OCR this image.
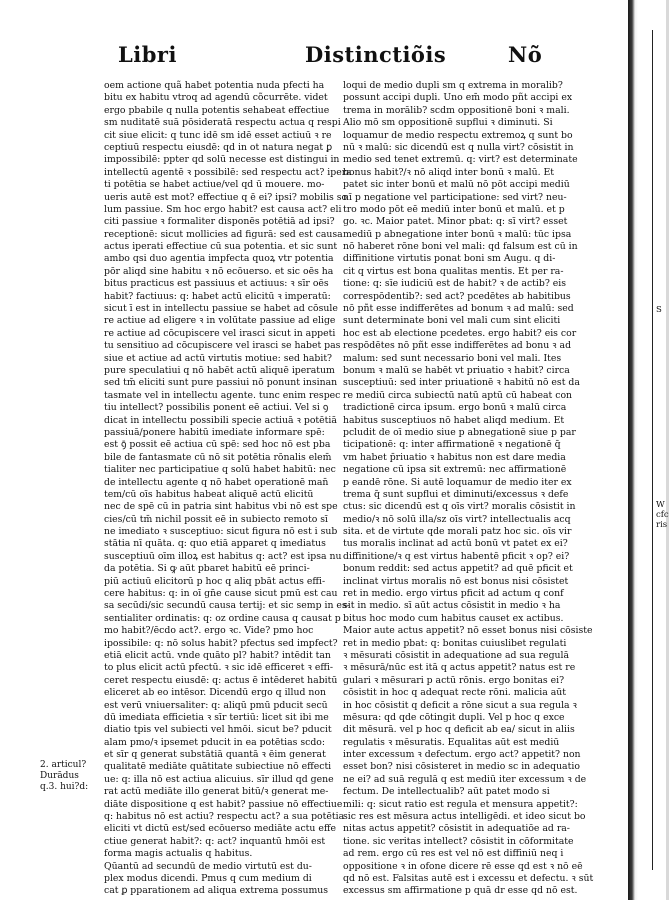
Libri	Distinctiõis	Nõ
oem actione quã habet potentia nuda pfecti ha
bitu ex habitu vtroq ad agendū cõcurrēte. videt
ergo pbabile q nulla potentis sehabeat effectiue
sm nuditatē suā pōsideratā respectu actua q respi
cit siue elicit: q tunc idē sm idē esset actiuū ꝛ re
ceptiuū respectu eiusdē: qd in ot natura negat ꝑ
impossibilē: ppter qd solū necesse est distingui in
intellectū agentē ꝛ possibilē: sed respectu act? ipera
ti potētia se habet actiue/vel qd ū mouere. mo-
ueris autē est mot? effectiue q ē ei? ipsi? mobilis so
lum passiue. Sm hoc ergo habit? est causa act? eli
citi passiue ꝛ formaliter disponēs potētiā ad ipsi?
receptionē: sicut mollicies ad figurā: sed est causa
actus iperati effectiue cū sua potentia. et sic sunt
ambo qsi duo agentia impfecta quoꝝ vtr potentia
pōr aliqd sine habitu ꝛ nō ecōuerso. et sic oēs ha
bitus practicus est passiuus et actiuus: ꝛ sīr oēs
habit? factiuus: q: habet actū elicitū ꝛ imperatū:
sicut ī est in intellectu passiue se habet ad cōsule
re actiue ad eligere ꝛ in volūtate passiue ad elige
re actiue ad cōcupiscere vel irasci sicut in appeti
tu sensitiuo ad cōcupiscere vel irasci se habet pas
siue et actiue ad actū virtutis motiue: sed habit?
pure speculatiui q nō habēt actū aliquē iperatum
sed tm̄ eliciti sunt pure passiui nō ponunt insinan
tasmate vel in intellectu agente. tunc enim respec
tiu intellect? possibilis ponent eē actiui. Vel si ꝯ
dicat in intellectu possibili specie actiuā ꝛ potētiā
passiuā/ponere habitū imediate informare spē:
est ꝯ̄ possit eē actiua cū spē: sed hoc nō est pba
bile de fantasmate cū nō sit potētia rōnalis elem̄
tialiter nec participatiue q solū habet habitū: nec
de intellectu agente q nō habet operationē man̄
tem/cū oīs habitus habeat aliquē actū elicitū
nec de spē cū in patria sint habitus vbi nō est spe
cies/cū tm̄ nichil possit eē in subiecto remoto sī
ne imediato ꝛ susceptiuo: sicut figura nō est i sub
stātia nī quāta. q: quo etiā apparet q imediatus
susceptiuū oīm illoꝝ est habitus q: act? est ipsa nu
da potētia. Si ꝙ aūt pbaret habitū eē princi-
piū actiuū elicitorū p hoc q aliq pbāt actus effi-
cere habitus: q: in oī gn̄e cause sicut pmū est cau
sa secūdi/sic secundū causa tertij: et sic semp in es-
sentialiter ordinatis: q: oz ordine causa q causat p
mo habit?/ēcdo act?. ergo ꝛc. Vide? pmo hoc
ipossibile: q: nō solus habit? pfectus sed impfect?
etiā elicit actū. vnde quāto pl? habit? intēdit tan
to plus elicit actū pfectū. ꝛ sic idē efficeret ꝛ effi-
ceret respectu eiusdē: q: actus ē intēderet habitū
eliceret ab eo intēsor. Dicendū ergo q illud non
est verū vniuersaliter: q: aliqū pmū pducit secū
dū imediata efficietia ꝛ sīr tertiū: licet sit ibi me
diatio tpis vel subiecti vel hmōi. sicut be? pducit
alam pmo/ꝛ ipsemet pducit in ea potētias scdo:
et sīr q generat substātiā quantā ꝛ ēim generat
qualitatē mediāte quātitate subiectiue nō effecti
ue: q: illa nō est actiua alicuius. sīr illud qd gene
rat actū mediāte illo generat bitū/ꝛ generat me-
diāte dispositione q est habit? passiue nō effectiue
q: habitus nō est actiu? respectu act? a sua potētia
eliciti vt dictū est/sed ecōuerso mediāte actu effe
ctiue generat habit?: q: act? inquantū hmōi est
forma magis actualis q habitus.
Qūantū ad secundū de medio virtutū est du-
plex modus dicendi. Pmus q cum medium di
cat ꝑ pparationem ad aliqua extrema possumus
loqui de medio dupli sm q extrema in moralib?
possunt accipi dupli. Uno em̄ modo pñt accipi ex
trema in morālib? scdm oppositionē boni ꝛ mali.
Alio mō sm oppositionē supflui ꝛ diminuti. Si
loquamur de medio respectu extremoꝝ q sunt bo
nū ꝛ malū: sic dicendū est q nulla virt? cōsistit in
medio sed tenet extremū. q: virt? est determinate
bonus habit?/ꝛ nō aliqd inter bonū ꝛ malū. Et
patet sic inter bonū et malū nō pōt accipi mediū
nī p negatione vel participatione: sed virt? neu-
tro modo pōt eē mediū inter bonū et malū. et p
go. ꝛc. Maior patet. Minor pbat: q: sī virt? esset
mediū p abnegatione inter bonū ꝛ malū: tūc ipsa
nō haberet rōne boni vel mali: qd falsum est cū in
diffinitione virtutis ponat boni sm Augu. q di-
cit q virtus est bona qualitas mentis. Et per ra-
tione: q: sīe iudiciū est de habit? ꝛ de actib? eis
correspōdentib?: sed act? pcedētes ab habitibus
nō pñt esse indifferētes ad bonum ꝛ ad malū: sed
sunt determinate boni vel mali cum sint eliciti
hoc est ab electione pcedetes. ergo habit? eis cor
respōdētes nō pñt esse indifferētes ad bonu ꝛ ad
malum: sed sunt necessario boni vel mali. Ites
bonum ꝛ malū se habēt vt priuatio ꝛ habit? circa
susceptiuū: sed inter priuationē ꝛ habitū nō est da
re mediū circa subiectū natū aptū cū habeat con
tradictionē circa ipsum. ergo bonū ꝛ malū circa
habitus susceptiuos nō habet aliqd medium. Et
pcludit de oī medio siue p abnegationē siue p par
ticipationē: q: inter affirmationē ꝛ negationē q̄
vm habet p̄riuatio ꝛ habitus non est dare media
negatione cū ipsa sit extremū: nec affirmationē
p eandē rōne. Si autē loquamur de medio iter ex
trema q̄ sunt supflui et diminuti/excessus ꝛ defe
ctus: sic dicendū est q oīs virt? moralis cōsistit in
medio/ꝛ nō solū illa/sz oīs virt? intellectualis acq
sita. et de virtute qde morali patz hoc sic. oīs vir
tus moralis inclinat ad actū bonū vt patet ex ei?
diffinitione/ꝛ q est virtus habentē pficit ꝛ op? ei?
bonum reddit: sed actus appetit? ad quē pficit et
inclinat virtus moralis nō est bonus nisi cōsistet
ret in medio. ergo virtus pficit ad actum q conf
sit in medio. sī aūt actus cōsistit in medio ꝛ ha
bitus hoc modo cum habitus causet ex actibus.
Maior aute actus appetit? nō esset bonus nisi cōsiste
ret in medio pbat: q: bonitas cuiuslibet regulati
ꝛ mēsurati cōsistit in adequatione ad sua regulā
ꝛ mēsurā/nūc est itā q actus appetit? natus est re
gulari ꝛ mēsurari p actū rōnis. ergo bonitas ei?
cōsistit in hoc q adequat recte rōni. malicia aūt
in hoc cōsistit q deficit a rōne sicut a sua regula ꝛ
mēsura: qd qde cōtingit dupli. Vel p hoc q exce
dit mēsurā. vel p hoc q deficit ab ea/ sicut in aliis
regulatis ꝛ mēsuratis. Equalitas aūt est mediū
inter excessum ꝛ defectum. ergo act? appetit? non
esset bon? nisi cōsisteret in medio sc in adequatio
ne ei? ad suā regulā q est mediū iter excessum ꝛ de
fectum. De intellectualib? aūt patet modo si
mili: q: sicut ratio est regula et mensura appetit?:
sic res est mēsura actus intelligēdi. et ideo sicut bo
nitas actus appetit? cōsistit in adequatiōe ad ra-
tione. sic veritas intellect? cōsistit in cōformitate
ad rem. ergo cū res est vel nō est diffiniū neq i
oppositione ꝛ in ofone dicere rē esse qd est ꝛ nō eē
qd nō est. Falsitas autē est i excessu et defectu. ꝛ sūt
excessus sm affirmatione p quā dr esse qd nō est.
2. articul?
Durādus
q.3. hui?d:
S
W
cfc
ris
